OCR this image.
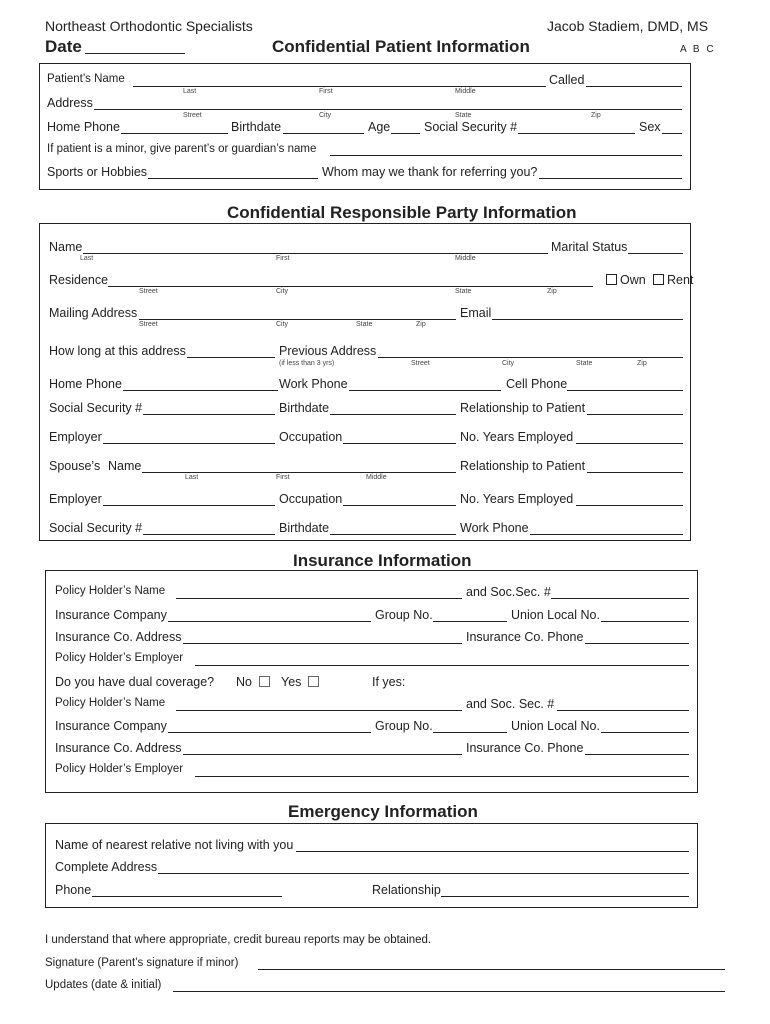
Northeast Orthodontic Specialists	Jacob Stadiem, DMD, MS
Date	Confidential Patient Information	A B C
Patient’s Name	Called
Last	First	Middle
Address
Street	City	State	Zip
Home Phone	Birthdate	Age	Social Security #	Sex
If patient is a minor, give parent’s or guardian’s name
Sports or Hobbies	Whom may we thank for referring you?
Confidential Responsible Party Information
Name	Marital Status
Last	First	Middle
Residence	Own	Rent
Street	City	State	Zip
Mailing Address	Email
Street	City	State	Zip
How long at this address	Previous Address
(if less than 3 yrs)	Street	City	State	Zip
Home Phone	Work Phone	Cell Phone
Social Security #	Birthdate	Relationship to Patient
Employer	Occupation	No. Years Employed
Spouse’s Name	Relationship to Patient
Last	First	Middle
Employer	Occupation	No. Years Employed
Social Security #	Birthdate	Work Phone
Insurance Information
Policy Holder’s Name	and Soc.Sec. #
Insurance Company	Group No.	Union Local No.
Insurance Co. Address	Insurance Co. Phone
Policy Holder’s Employer
Do you have dual coverage? No	Yes	If yes:
Policy Holder’s Name	and Soc. Sec. #
Insurance Company	Group No.	Union Local No.
Insurance Co. Address	Insurance Co. Phone
Policy Holder’s Employer
Emergency Information
Name of nearest relative not living with you
Complete Address
Phone	Relationship
I understand that where appropriate, credit bureau reports may be obtained.
Signature (Parent’s signature if minor)
Updates (date & initial)
